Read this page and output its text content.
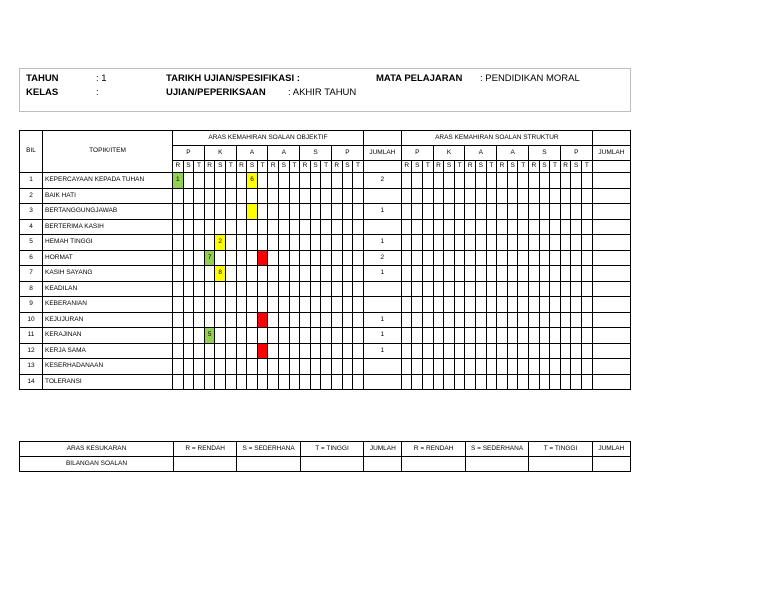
TAHUN	: 1
KELAS	:
TARIKH UJIAN/SPESIFIKASI :
UJIAN/PEPERIKSAAN : AKHIR TAHUN
MATA PELAJARAN : PENDIDIKAN MORAL
BIL	TOPIK/ITEM	ARAS KEMAHIRAN SOALAN OBJEKTIF																			ARAS KEMAHIRAN SOALAN STRUKTUR																		
		P			K			A			A			S			P			JUMLAH	P			K			A			A			S			P			JUMLAH
		R	S	T	R	S	T	R	S	T	R	S	T	R	S	T	R	S	T		R	S	T	R	S	T	R	S	T	R	S	T	R	S	T	R	S	T	
1	KEPERCAYAAN KEPADA TUHAN	1							6											2																			
2	BAIK HATI																																						
3	BERTANGGUNGJAWAB																			1																			
4	BERTERIMA KASIH																																						
5	HEMAH TINGGI					2														1																			
6	HORMAT				7															2																			
7	KASIH SAYANG					8														1																			
8	KEADILAN																																						
9	KEBERANIAN																																						
10	KEJUJURAN																			1																			
11	KERAJINAN				5															1																			
12	KERJA SAMA																			1																			
13	KESERHADANAAN																																						
14	TOLERANSI																																						
ARAS KESUKARAN	R = RENDAH	S = SEDERHANA	T = TINGGI	JUMLAH	R = RENDAH	S = SEDERHANA	T = TINGGI	JUMLAH
BILANGAN SOALAN								
